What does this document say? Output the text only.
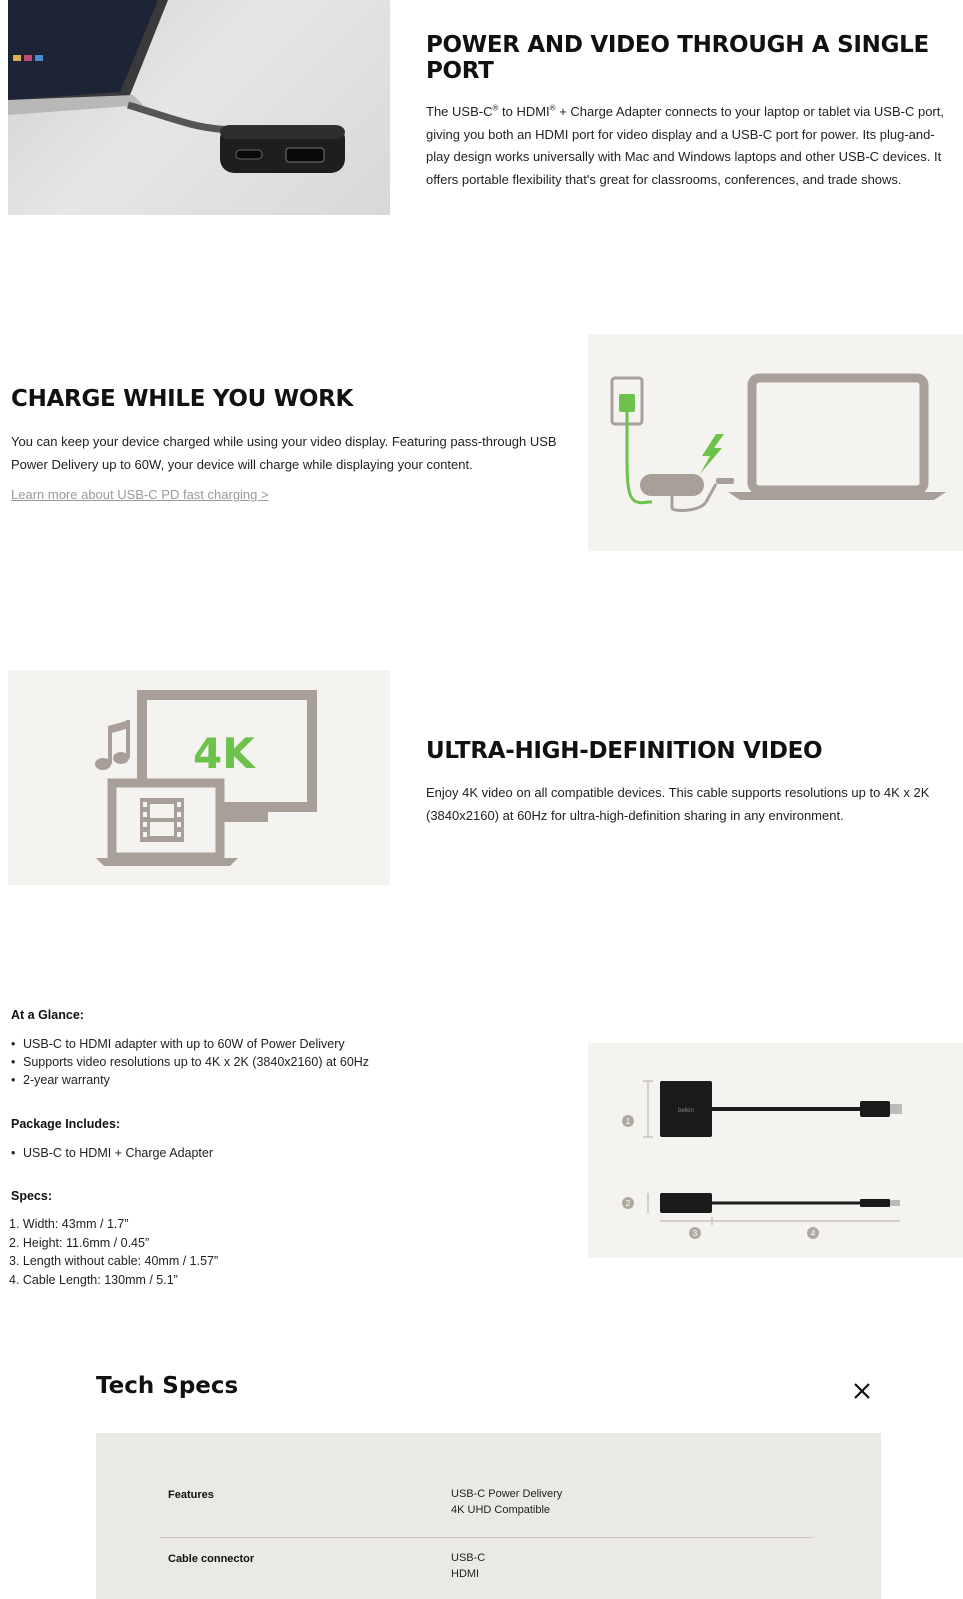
POWER AND VIDEO THROUGH A SINGLE
PORT

The USB-C® to HDMI® + Charge Adapter connects to your laptop or tablet via USB-C port, giving you both an HDMI port for video display and a USB-C port for power. Its plug-and-play design works universally with Mac and Windows laptops and other USB-C devices. It offers portable flexibility that's great for classrooms, conferences, and trade shows.

CHARGE WHILE YOU WORK

You can keep your device charged while using your video display. Featuring pass-through USB Power Delivery up to 60W, your device will charge while displaying your content.

Learn more about USB-C PD fast charging >
4K	ULTRA-HIGH-DEFINITION VIDEO

Enjoy 4K video on all compatible devices. This cable supports resolutions up to 4K x 2K (3840x2160) at 60Hz for ultra-high-definition sharing in any environment.

At a Glance:
• USB-C to HDMI adapter with up to 60W of Power Delivery
• Supports video resolutions up to 4K x 2K (3840x2160) at 60Hz
• 2-year warranty
Package Includes:
• USB-C to HDMI + Charge Adapter
Specs:
1. Width: 43mm / 1.7”
2. Height: 11.6mm / 0.45”
3. Length without cable: 40mm / 1.57”
4. Cable Length: 130mm / 5.1”
1
belkin
2
3	4
Tech Specs
Features	USB-C Power Delivery
4K UHD Compatible
Cable connector	USB-C
HDMI
